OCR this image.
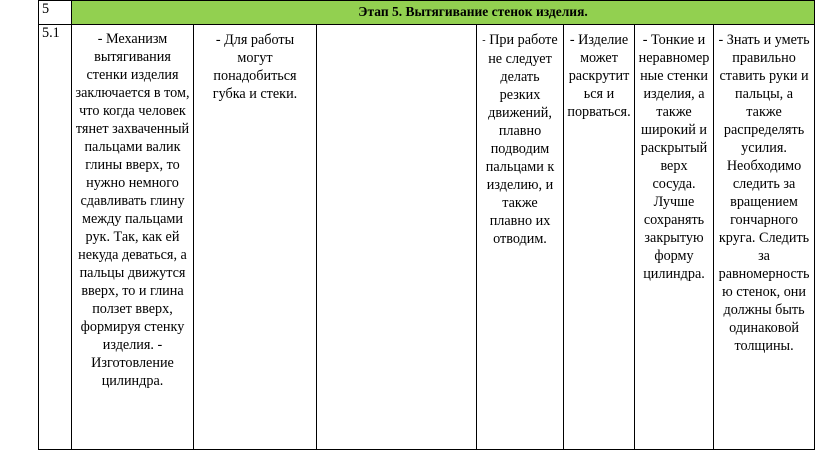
5	Этап 5. Вытягивание стенок изделия.						
5.1	- Механизм вытягивания стенки изделия заключается в том, что когда человек тянет захваченный пальцами валик глины вверх, то нужно немного сдавливать глину между пальцами рук. Так, как ей некуда деваться, а пальцы движутся вверх, то и глина ползет вверх, формируя стенку изделия. - Изготовление цилиндра.	- Для работы могут понадобиться губка и стеки.		- При работе не следует делать резких движений, плавно подводим пальцами к изделию, и также плавно их отводим.	- Изделие может раскрутиться и порваться.	- Тонкие и неравномерные стенки изделия, а также широкий и раскрытый верх сосуда. Лучше сохранять закрытую форму цилиндра.	- Знать и уметь правильно ставить руки и пальцы, а также распределять усилия. Необходимо следить за вращением гончарного круга. Следить за равномерностью стенок, они должны быть одинаковой толщины.
